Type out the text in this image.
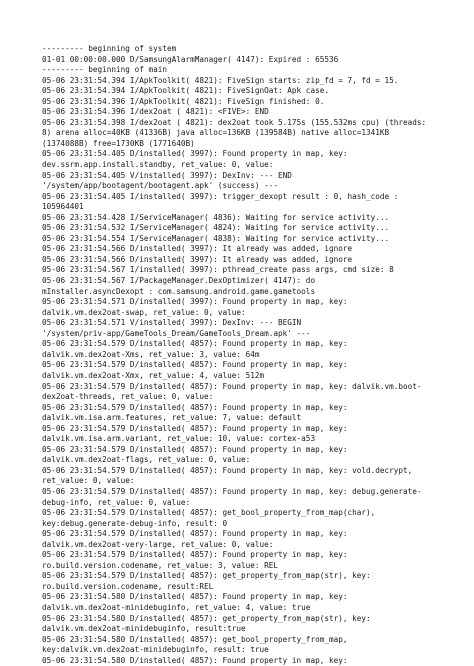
--------- beginning of system
01-01 00:00:00.000 D/SamsungAlarmManager( 4147): Expired : 65536
--------- beginning of main
05-06 23:31:54.394 I/ApkToolkit( 4821): FiveSign starts: zip_fd = 7, fd = 15.
05-06 23:31:54.394 I/ApkToolkit( 4821): FiveSignOat: Apk case.
05-06 23:31:54.396 I/ApkToolkit( 4821): FiveSign finished: 0.
05-06 23:31:54.396 I/dex2oat ( 4821): <FIVE>: END
05-06 23:31:54.398 I/dex2oat ( 4821): dex2oat took 5.175s (155.532ms cpu) (threads:
8) arena alloc=40KB (41336B) java alloc=136KB (139584B) native alloc=1341KB
(1374088B) free=1730KB (1771640B)
05-06 23:31:54.405 D/installed( 3997): Found property in map, key:
dev.ssrm.app.install.standby, ret_value: 0, value:
05-06 23:31:54.405 V/installed( 3997): DexInv: --- END
'/system/app/bootagent/bootagent.apk' (success) ---
05-06 23:31:54.405 I/installed( 3997): trigger_dexopt result : 0, hash_code :
105964401
05-06 23:31:54.428 I/ServiceManager( 4836): Waiting for service activity...
05-06 23:31:54.532 I/ServiceManager( 4824): Waiting for service activity...
05-06 23:31:54.554 I/ServiceManager( 4838): Waiting for service activity...
05-06 23:31:54.566 D/installed( 3997): It already was added, ignore
05-06 23:31:54.566 D/installed( 3997): It already was added, ignore
05-06 23:31:54.567 I/installed( 3997): pthread_create pass args, cmd size: 8
05-06 23:31:54.567 I/PackageManager.DexOptimizer( 4147): do
mInstaller.asyncDexopt : com.samsung.android.game.gametools
05-06 23:31:54.571 D/installed( 3997): Found property in map, key:
dalvik.vm.dex2oat-swap, ret_value: 0, value:
05-06 23:31:54.571 V/installed( 3997): DexInv: --- BEGIN
'/system/priv-app/GameTools_Dream/GameTools_Dream.apk' ---
05-06 23:31:54.579 D/installed( 4857): Found property in map, key:
dalvik.vm.dex2oat-Xms, ret_value: 3, value: 64m
05-06 23:31:54.579 D/installed( 4857): Found property in map, key:
dalvik.vm.dex2oat-Xmx, ret_value: 4, value: 512m
05-06 23:31:54.579 D/installed( 4857): Found property in map, key: dalvik.vm.boot-
dex2oat-threads, ret_value: 0, value:
05-06 23:31:54.579 D/installed( 4857): Found property in map, key:
dalvik.vm.isa.arm.features, ret_value: 7, value: default
05-06 23:31:54.579 D/installed( 4857): Found property in map, key:
dalvik.vm.isa.arm.variant, ret_value: 10, value: cortex-a53
05-06 23:31:54.579 D/installed( 4857): Found property in map, key:
dalvik.vm.dex2oat-flags, ret_value: 0, value:
05-06 23:31:54.579 D/installed( 4857): Found property in map, key: vold.decrypt,
ret_value: 0, value:
05-06 23:31:54.579 D/installed( 4857): Found property in map, key: debug.generate-
debug-info, ret_value: 0, value:
05-06 23:31:54.579 D/installed( 4857): get_bool_property_from_map(char),
key:debug.generate-debug-info, result: 0
05-06 23:31:54.579 D/installed( 4857): Found property in map, key:
dalvik.vm.dex2oat-very-large, ret_value: 0, value:
05-06 23:31:54.579 D/installed( 4857): Found property in map, key:
ro.build.version.codename, ret_value: 3, value: REL
05-06 23:31:54.579 D/installed( 4857): get_property_from_map(str), key:
ro.build.version.codename, result:REL
05-06 23:31:54.580 D/installed( 4857): Found property in map, key:
dalvik.vm.dex2oat-minidebuginfo, ret_value: 4, value: true
05-06 23:31:54.580 D/installed( 4857): get_property_from_map(str), key:
dalvik.vm.dex2oat-minidebuginfo, result:true
05-06 23:31:54.580 D/installed( 4857): get_bool_property_from_map,
key:dalvik.vm.dex2oat-minidebuginfo, result: true
05-06 23:31:54.580 D/installed( 4857): Found property in map, key:
